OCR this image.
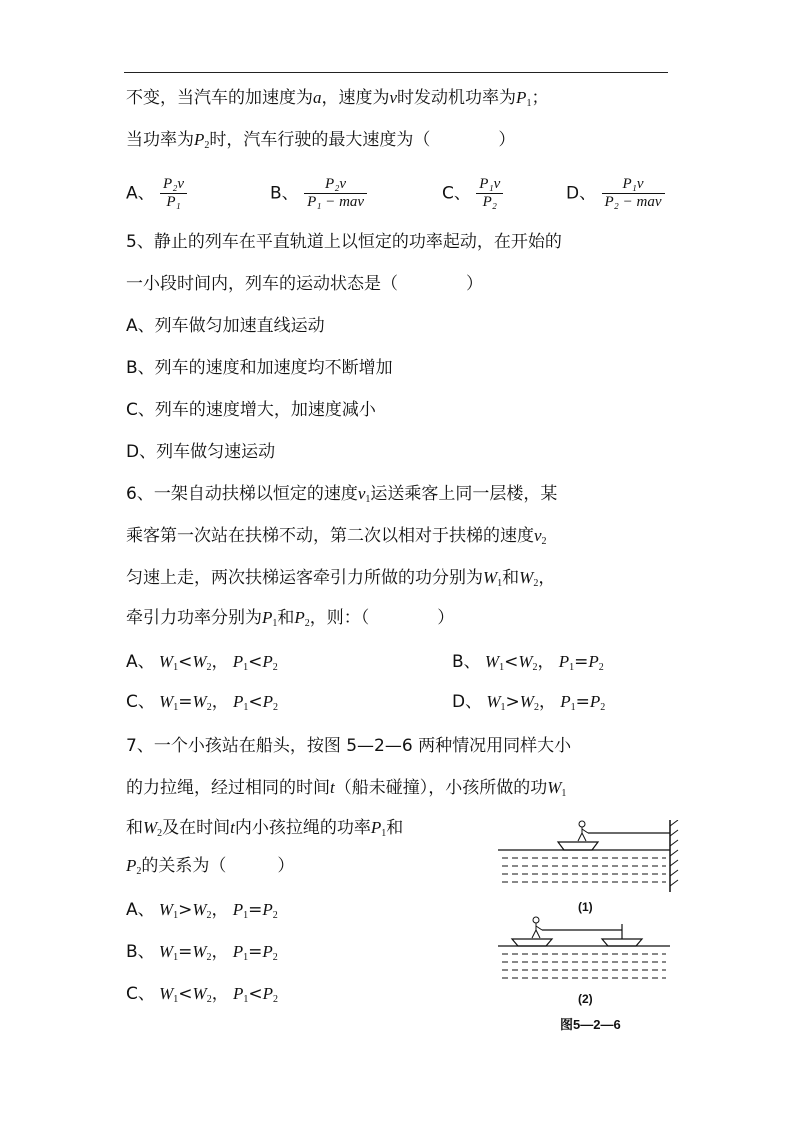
不变，当汽车的加速度为a，速度为v时发动机功率为$P_1$；
当功率为$P_2$时，汽车行驶的最大速度为（　　　　）
A、 $\frac{\text{P₂v}}{\text{P₁}}$	B、 $\frac{\text{P₂v}}{\text{P₁ − mav}}$	C、 $\frac{\text{P₁v}}{\text{P₂}}$	D、 $\frac{\text{P₁v}}{\text{P₂ − mav}}$
5、静止的列车在平直轨道上以恒定的功率起动，在开始的
一小段时间内，列车的运动状态是（　　　　）
A、列车做匀加速直线运动
B、列车的速度和加速度均不断增加
C、列车的速度增大，加速度减小
D、列车做匀速运动
6、一架自动扶梯以恒定的速度$v_1$运送乘客上同一层楼，某
乘客第一次站在扶梯不动，第二次以相对于扶梯的速度$v_2$
匀速上走，两次扶梯运客牵引力所做的功分别为$W_1$和$W_2$，
牵引力功率分别为$P_1$和$P_2$，则：（　　　　）
A、 $W_1<W_2$， $P_1<P_2$	B、 $W_1<W_2$， $P_1=P_2$
C、 $W_1=W_2$， $P_1<P_2$	D、 $W_1>W_2$， $P_1=P_2$
7、一个小孩站在船头，按图 5—2—6 两种情况用同样大小
的力拉绳，经过相同的时间t（船未碰撞），小孩所做的功$W_1$
和$W_2$及在时间t内小孩拉绳的功率$P_1$和
$P_2$的关系为（　　　）
A、 $W_1>W_2$， $P_1=P_2$
B、 $W_1=W_2$， $P_1=P_2$
C、 $W_1<W_2$， $P_1<P_2$
(1)
(2)
图5—2—6
